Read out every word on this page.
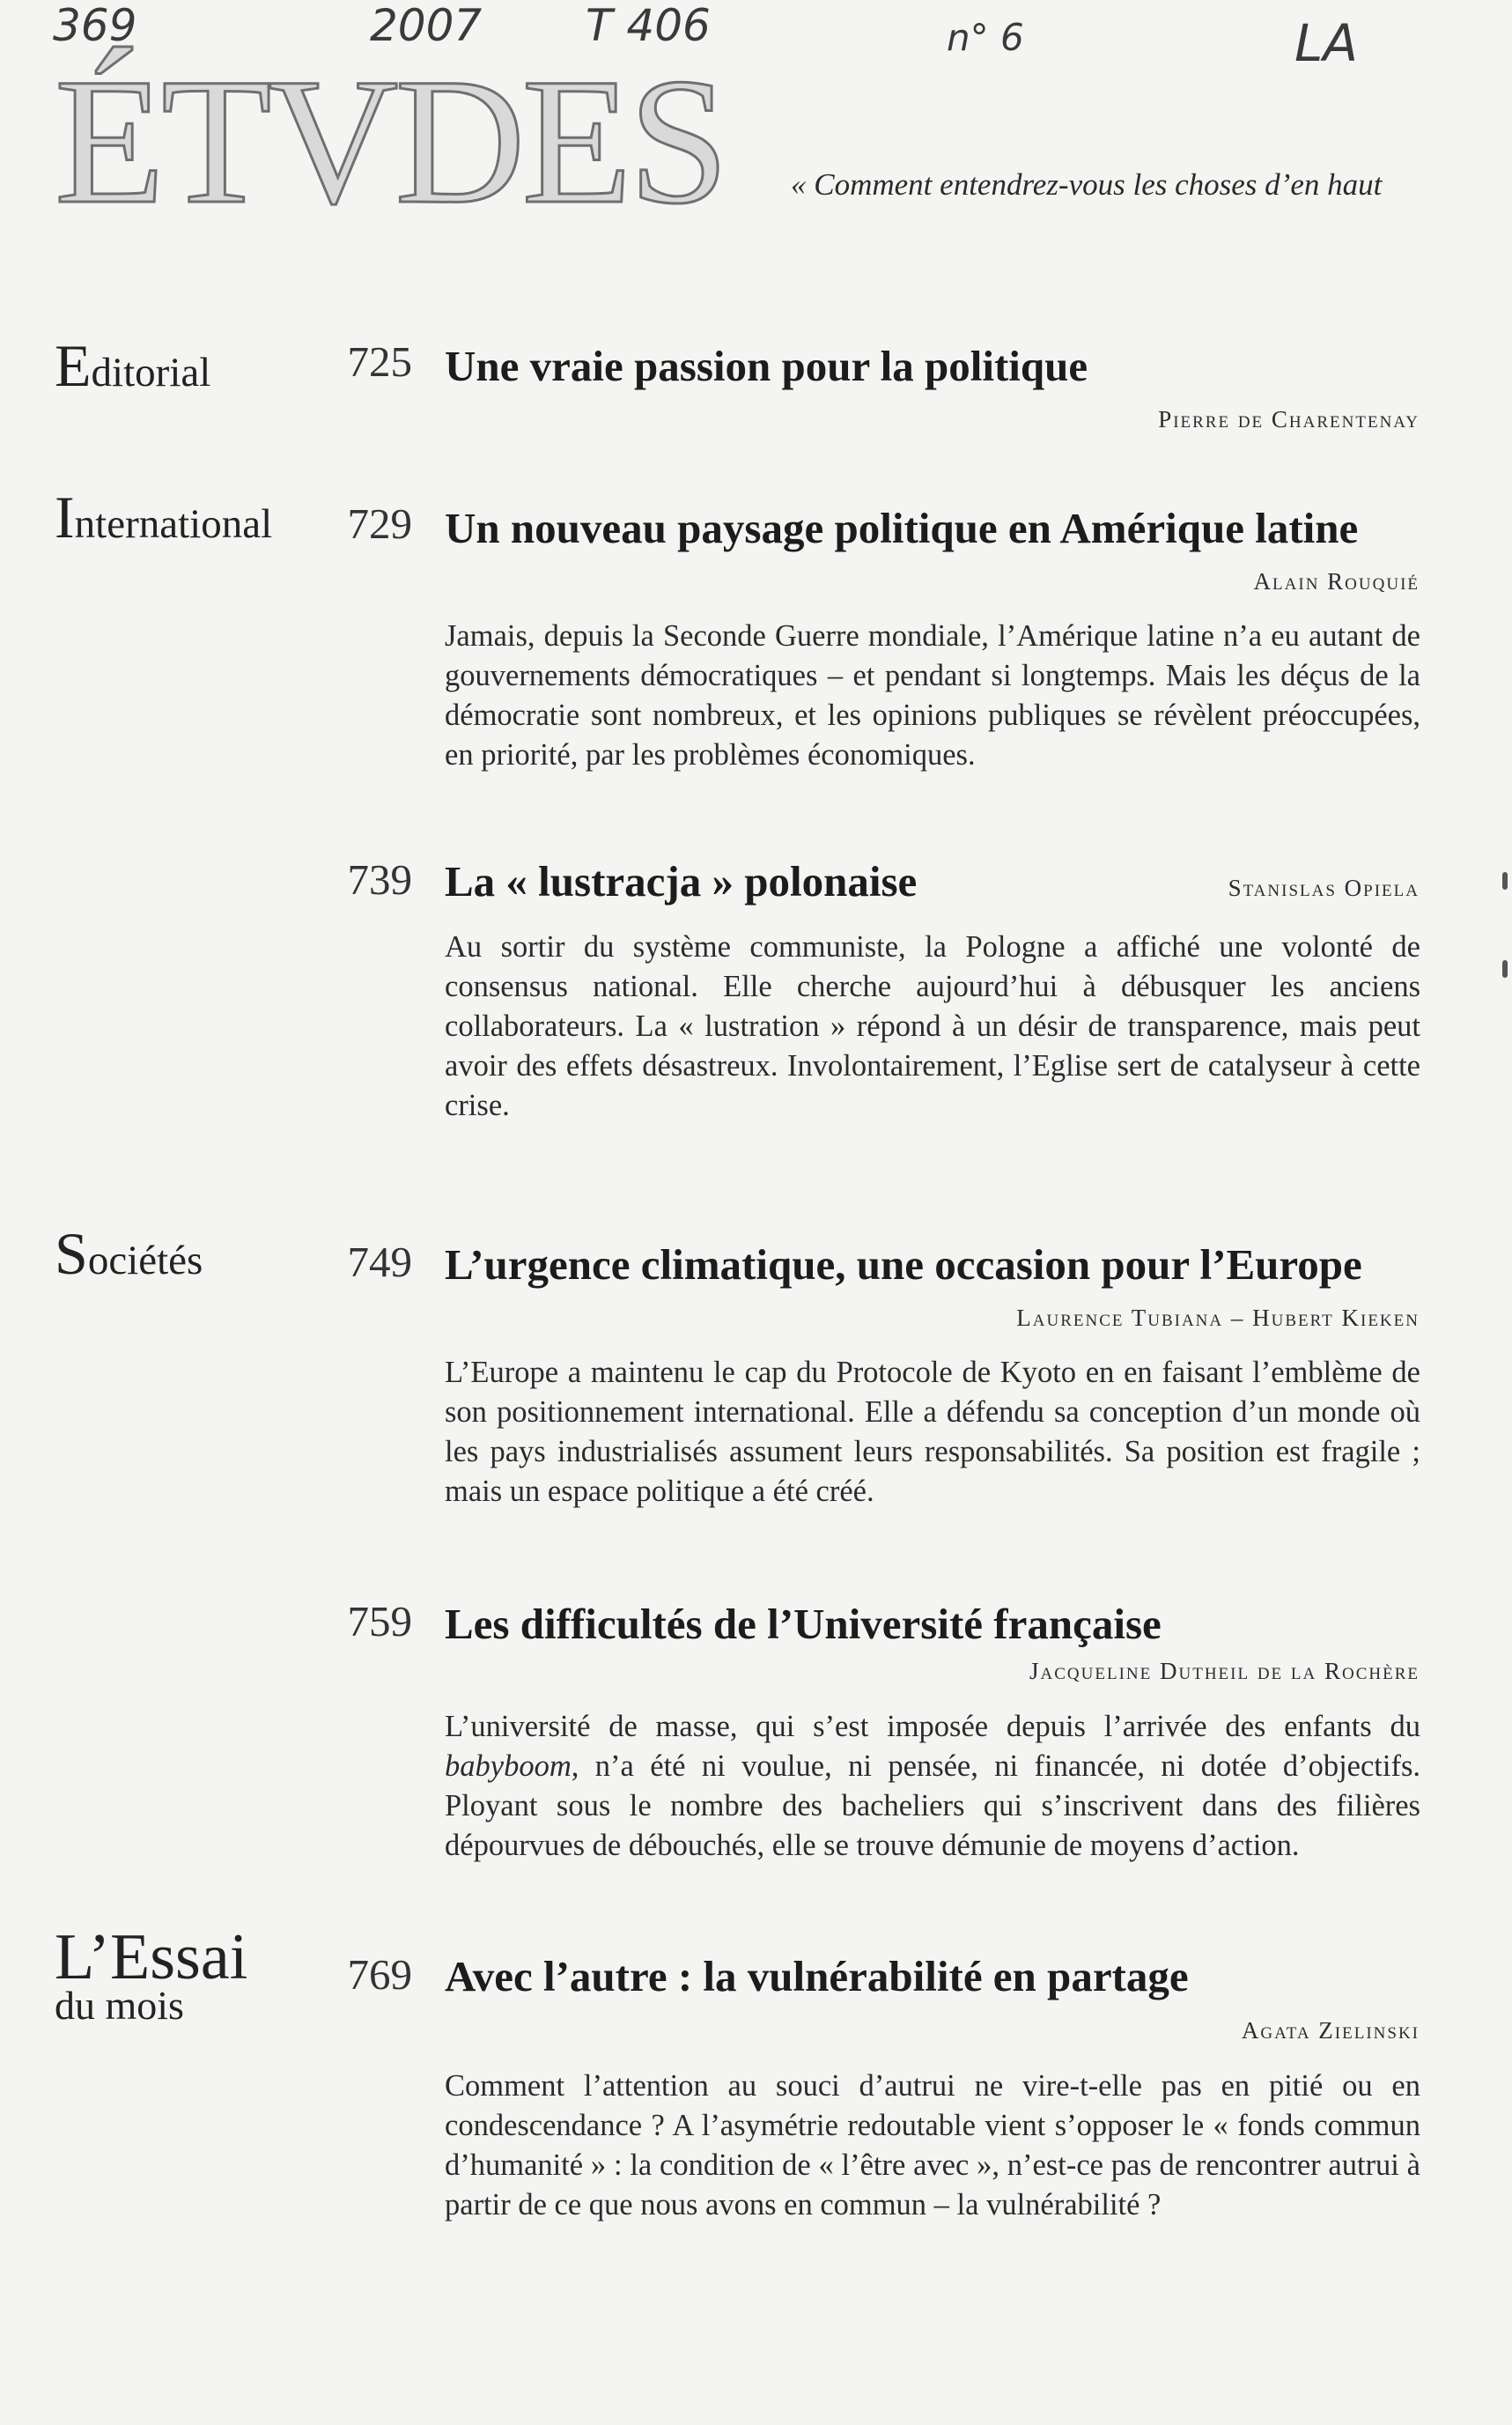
ÉTVDES « Comment entendrez-vous les choses d’en haut
369	2007 T 406	n° 6	LA
Editorial	725 Une vraie passion pour la politique
Pierre de Charentenay
International 729 Un nouveau paysage politique en Amérique latine
Alain Rouquié

Jamais, depuis la Seconde Guerre mondiale, l’Amérique latine n’a eu autant de gouvernements démocratiques – et pendant si longtemps. Mais les déçus de la démocratie sont nombreux, et les opinions publiques se révèlent préoccupées, en priorité, par les problèmes économiques.

739 La « lustracja » polonaise	Stanislas Opiela

Au sortir du système communiste, la Pologne a affiché une volonté de consensus national. Elle cherche aujourd’hui à débusquer les anciens collaborateurs. La « lustration » répond à un désir de transparence, mais peut avoir des effets désastreux. Involontairement, l’Eglise sert de catalyseur à cette crise.

Sociétés	749 L’urgence climatique, une occasion pour l’Europe
Laurence Tubiana – Hubert Kieken

L’Europe a maintenu le cap du Protocole de Kyoto en en faisant l’emblème de son positionnement international. Elle a défendu sa conception d’un monde où les pays industrialisés assument leurs responsabilités. Sa position est fragile ; mais un espace politique a été créé.

759 Les difficultés de l’Université française
Jacqueline Dutheil de la Rochère

L’université de masse, qui s’est imposée depuis l’arrivée des enfants du babyboom, n’a été ni voulue, ni pensée, ni financée, ni dotée d’objectifs. Ployant sous le nombre des bacheliers qui s’inscrivent dans des filières dépourvues de débouchés, elle se trouve démunie de moyens d’action.

L’Essai
du mois
769 Avec l’autre : la vulnérabilité en partage
Agata Zielinski

Comment l’attention au souci d’autrui ne vire-t-elle pas en pitié ou en condescendance ? A l’asymétrie redoutable vient s’opposer le « fonds commun d’humanité » : la condition de « l’être avec », n’est-ce pas de rencontrer autrui à partir de ce que nous avons en commun – la vulnérabilité ?
